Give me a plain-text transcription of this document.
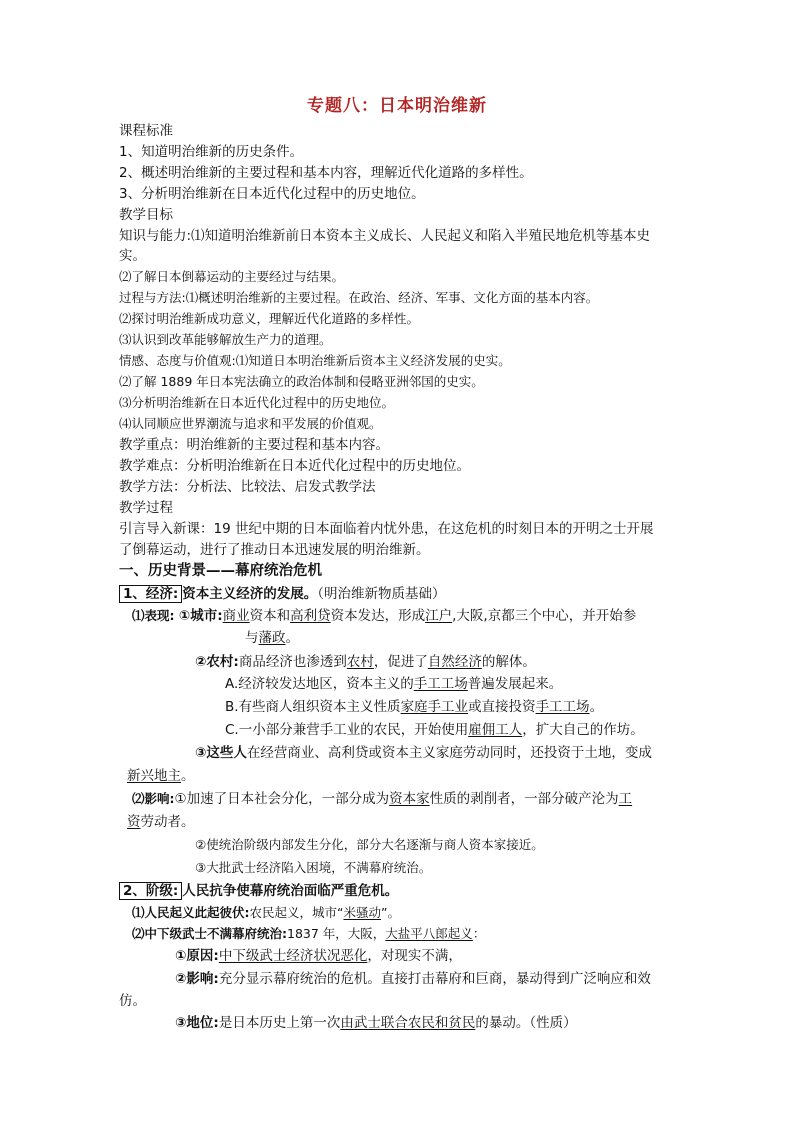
专题八：日本明治维新
课程标准
1、知道明治维新的历史条件。
2、概述明治维新的主要过程和基本内容，理解近代化道路的多样性。
3、分析明治维新在日本近代化过程中的历史地位。
教学目标
知识与能力:⑴知道明治维新前日本资本主义成长、人民起义和陷入半殖民地危机等基本史
实。
⑵了解日本倒幕运动的主要经过与结果。
过程与方法:⑴概述明治维新的主要过程。在政治、经济、军事、文化方面的基本内容。
⑵探讨明治维新成功意义，理解近代化道路的多样性。
⑶认识到改革能够解放生产力的道理。
情感、态度与价值观:⑴知道日本明治维新后资本主义经济发展的史实。
⑵了解 1889 年日本宪法确立的政治体制和侵略亚洲邻国的史实。
⑶分析明治维新在日本近代化过程中的历史地位。
⑷认同顺应世界潮流与追求和平发展的价值观。
教学重点：明治维新的主要过程和基本内容。
教学难点：分析明治维新在日本近代化过程中的历史地位。
教学方法：分析法、比较法、启发式教学法
教学过程
引言导入新课：19 世纪中期的日本面临着内忧外患，在这危机的时刻日本的开明之士开展
了倒幕运动，进行了推动日本迅速发展的明治维新。
一、历史背景——幕府统治危机
1、经济: 资本主义经济的发展。（明治维新物质基础）
⑴表现: ①城市:商业资本和高利贷资本发达，形成江户,大阪,京都三个中心，并开始参
与藩政。
②农村:商品经济也渗透到农村，促进了自然经济的解体。
A.经济较发达地区，资本主义的手工工场普遍发展起来。
B.有些商人组织资本主义性质家庭手工业或直接投资手工工场。
C.一小部分兼营手工业的农民，开始使用雇佣工人，扩大自己的作坊。
③这些人在经营商业、高利贷或资本主义家庭劳动同时，还投资于土地，变成
新兴地主。
⑵影响:①加速了日本社会分化，一部分成为资本家性质的剥削者，一部分破产沦为工
资劳动者。
②使统治阶级内部发生分化，部分大名逐渐与商人资本家接近。
③大批武士经济陷入困境，不满幕府统治。
2、阶级: 人民抗争使幕府统治面临严重危机。
⑴人民起义此起彼伏:农民起义，城市“米骚动”。
⑵中下级武士不满幕府统治:1837 年，大阪，大盐平八郎起义：
①原因:中下级武士经济状况恶化，对现实不满，
②影响:充分显示幕府统治的危机。直接打击幕府和巨商，暴动得到广泛响应和效
仿。
③地位:是日本历史上第一次由武士联合农民和贫民的暴动。（性质）
